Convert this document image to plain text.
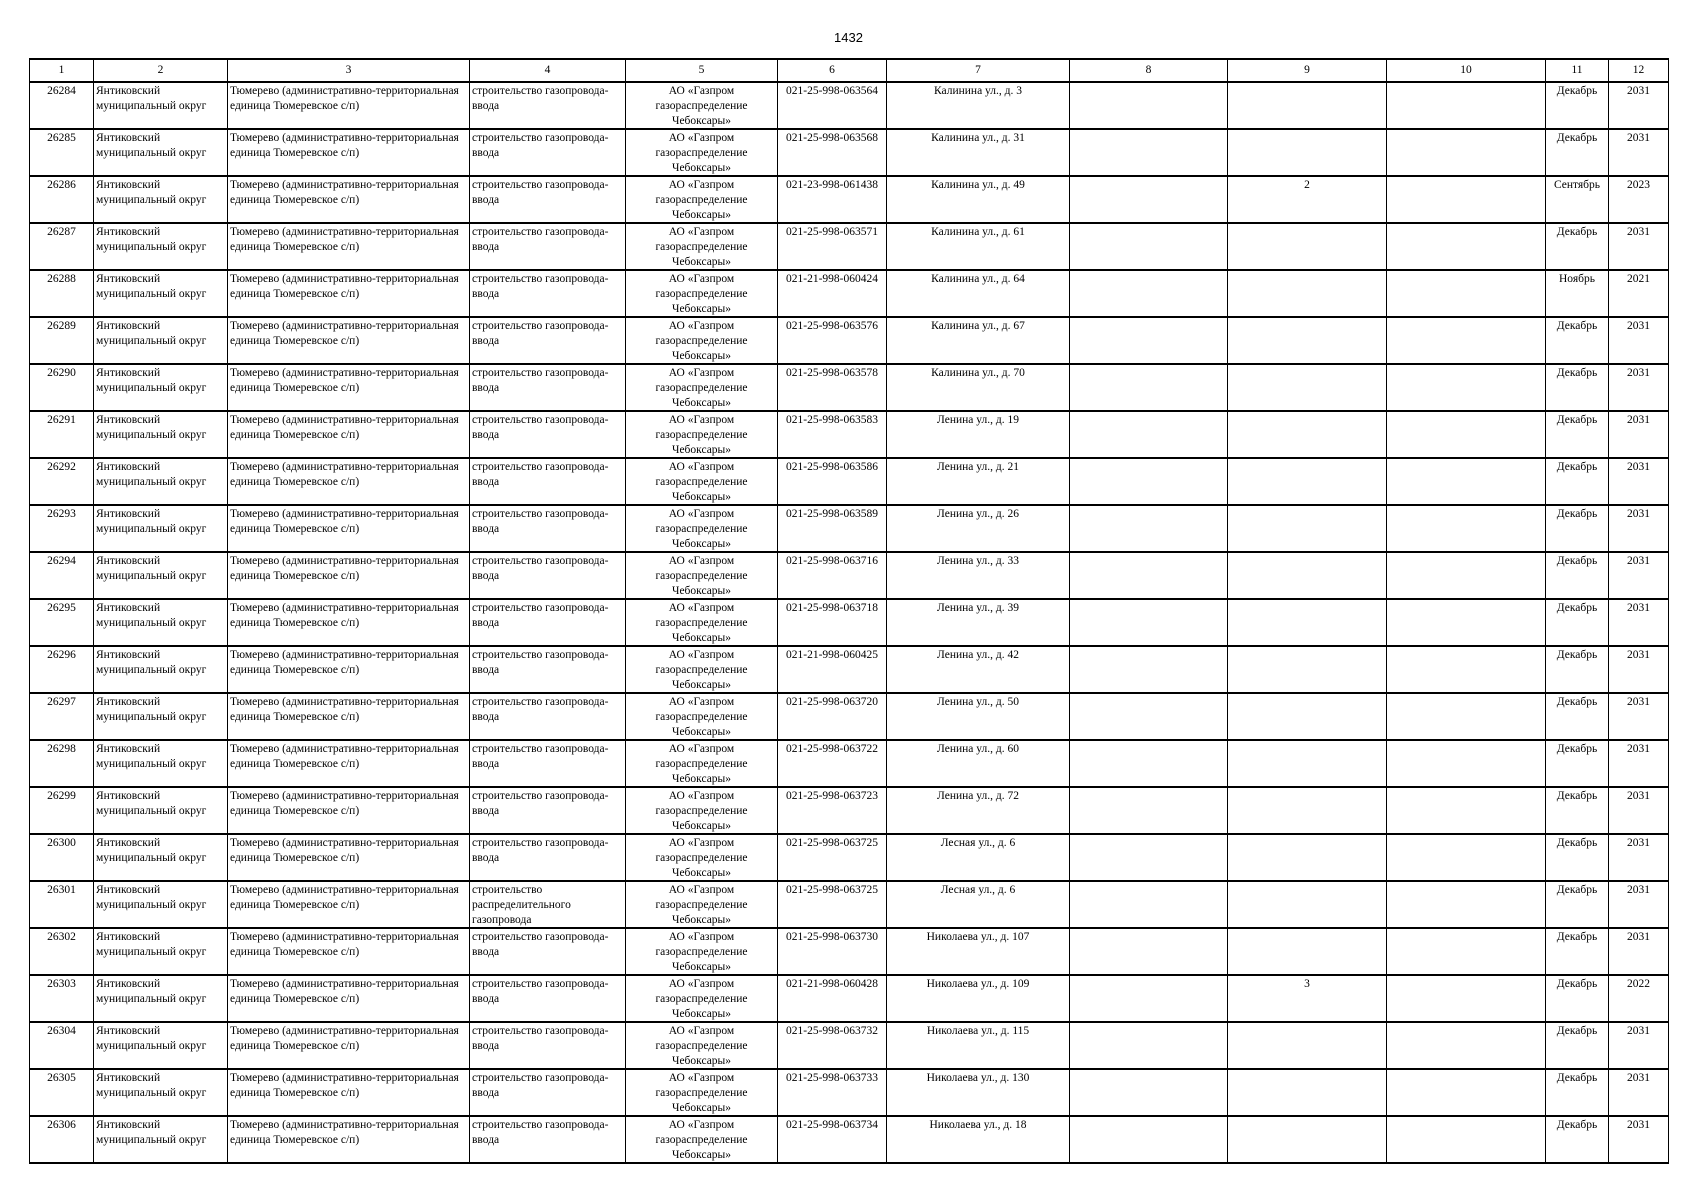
1432
1	2	3	4	5	6	7	8	9	10	11	12

26284	Янтиковский муниципальный округ	Тюмерево (административно-территориальная единица Тюмеревское с/п)	строительство газопровода-ввода	АО «Газпром газораспределение Чебоксары»	021-25-998-063564	Калинина ул., д. 3				Декабрь	2031

26285	Янтиковский муниципальный округ	Тюмерево (административно-территориальная единица Тюмеревское с/п)	строительство газопровода-ввода	АО «Газпром газораспределение Чебоксары»	021-25-998-063568	Калинина ул., д. 31				Декабрь	2031

26286	Янтиковский муниципальный округ	Тюмерево (административно-территориальная единица Тюмеревское с/п)	строительство газопровода-ввода	АО «Газпром газораспределение Чебоксары»	021-23-998-061438	Калинина ул., д. 49		2		Сентябрь	2023

26287	Янтиковский муниципальный округ	Тюмерево (административно-территориальная единица Тюмеревское с/п)	строительство газопровода-ввода	АО «Газпром газораспределение Чебоксары»	021-25-998-063571	Калинина ул., д. 61				Декабрь	2031

26288	Янтиковский муниципальный округ	Тюмерево (административно-территориальная единица Тюмеревское с/п)	строительство газопровода-ввода	АО «Газпром газораспределение Чебоксары»	021-21-998-060424	Калинина ул., д. 64				Ноябрь	2021

26289	Янтиковский муниципальный округ	Тюмерево (административно-территориальная единица Тюмеревское с/п)	строительство газопровода-ввода	АО «Газпром газораспределение Чебоксары»	021-25-998-063576	Калинина ул., д. 67				Декабрь	2031

26290	Янтиковский муниципальный округ	Тюмерево (административно-территориальная единица Тюмеревское с/п)	строительство газопровода-ввода	АО «Газпром газораспределение Чебоксары»	021-25-998-063578	Калинина ул., д. 70				Декабрь	2031

26291	Янтиковский муниципальный округ	Тюмерево (административно-территориальная единица Тюмеревское с/п)	строительство газопровода-ввода	АО «Газпром газораспределение Чебоксары»	021-25-998-063583	Ленина ул., д. 19				Декабрь	2031

26292	Янтиковский муниципальный округ	Тюмерево (административно-территориальная единица Тюмеревское с/п)	строительство газопровода-ввода	АО «Газпром газораспределение Чебоксары»	021-25-998-063586	Ленина ул., д. 21				Декабрь	2031

26293	Янтиковский муниципальный округ	Тюмерево (административно-территориальная единица Тюмеревское с/п)	строительство газопровода-ввода	АО «Газпром газораспределение Чебоксары»	021-25-998-063589	Ленина ул., д. 26				Декабрь	2031

26294	Янтиковский муниципальный округ	Тюмерево (административно-территориальная единица Тюмеревское с/п)	строительство газопровода-ввода	АО «Газпром газораспределение Чебоксары»	021-25-998-063716	Ленина ул., д. 33				Декабрь	2031

26295	Янтиковский муниципальный округ	Тюмерево (административно-территориальная единица Тюмеревское с/п)	строительство газопровода-ввода	АО «Газпром газораспределение Чебоксары»	021-25-998-063718	Ленина ул., д. 39				Декабрь	2031

26296	Янтиковский муниципальный округ	Тюмерево (административно-территориальная единица Тюмеревское с/п)	строительство газопровода-ввода	АО «Газпром газораспределение Чебоксары»	021-21-998-060425	Ленина ул., д. 42				Декабрь	2031

26297	Янтиковский муниципальный округ	Тюмерево (административно-территориальная единица Тюмеревское с/п)	строительство газопровода-ввода	АО «Газпром газораспределение Чебоксары»	021-25-998-063720	Ленина ул., д. 50				Декабрь	2031

26298	Янтиковский муниципальный округ	Тюмерево (административно-территориальная единица Тюмеревское с/п)	строительство газопровода-ввода	АО «Газпром газораспределение Чебоксары»	021-25-998-063722	Ленина ул., д. 60				Декабрь	2031

26299	Янтиковский муниципальный округ	Тюмерево (административно-территориальная единица Тюмеревское с/п)	строительство газопровода-ввода	АО «Газпром газораспределение Чебоксары»	021-25-998-063723	Ленина ул., д. 72				Декабрь	2031

26300	Янтиковский муниципальный округ	Тюмерево (административно-территориальная единица Тюмеревское с/п)	строительство газопровода-ввода	АО «Газпром газораспределение Чебоксары»	021-25-998-063725	Лесная ул., д. 6				Декабрь	2031

26301	Янтиковский муниципальный округ	Тюмерево (административно-территориальная единица Тюмеревское с/п)	строительство распределительного газопровода	АО «Газпром газораспределение Чебоксары»	021-25-998-063725	Лесная ул., д. 6				Декабрь	2031

26302	Янтиковский муниципальный округ	Тюмерево (административно-территориальная единица Тюмеревское с/п)	строительство газопровода-ввода	АО «Газпром газораспределение Чебоксары»	021-25-998-063730	Николаева ул., д. 107				Декабрь	2031

26303	Янтиковский муниципальный округ	Тюмерево (административно-территориальная единица Тюмеревское с/п)	строительство газопровода-ввода	АО «Газпром газораспределение Чебоксары»	021-21-998-060428	Николаева ул., д. 109		3		Декабрь	2022

26304	Янтиковский муниципальный округ	Тюмерево (административно-территориальная единица Тюмеревское с/п)	строительство газопровода-ввода	АО «Газпром газораспределение Чебоксары»	021-25-998-063732	Николаева ул., д. 115				Декабрь	2031

26305	Янтиковский муниципальный округ	Тюмерево (административно-территориальная единица Тюмеревское с/п)	строительство газопровода-ввода	АО «Газпром газораспределение Чебоксары»	021-25-998-063733	Николаева ул., д. 130				Декабрь	2031

26306	Янтиковский муниципальный округ	Тюмерево (административно-территориальная единица Тюмеревское с/п)	строительство газопровода-ввода	АО «Газпром газораспределение Чебоксары»	021-25-998-063734	Николаева ул., д. 18				Декабрь	2031
